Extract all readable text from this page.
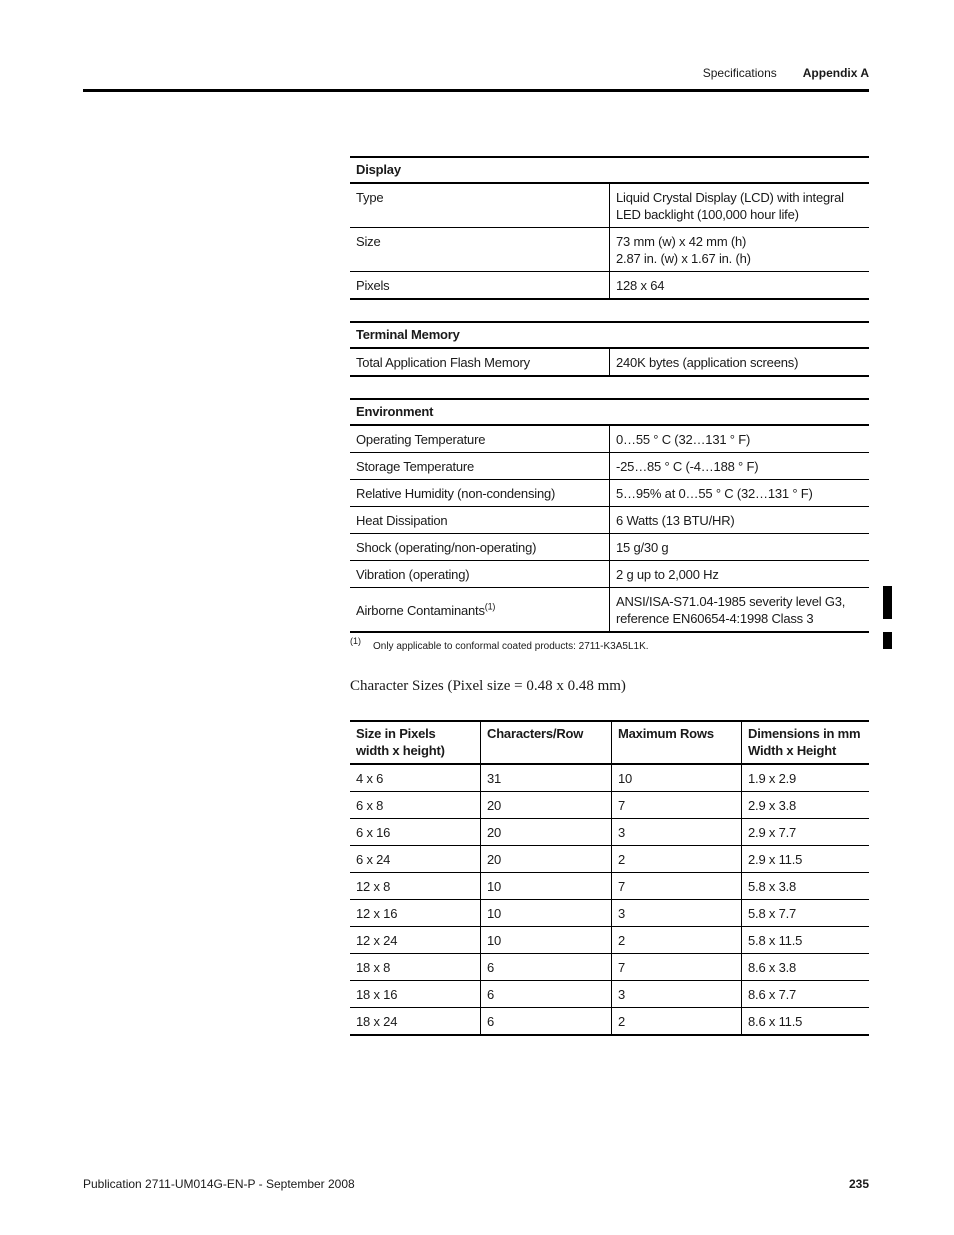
Specifications Appendix A
Display	
Type	Liquid Crystal Display (LCD) with integral
LED backlight (100,000 hour life)
Size	73 mm (w) x 42 mm (h)
2.87 in. (w) x 1.67 in. (h)
Pixels	128 x 64
Terminal Memory
Total Application Flash Memory	240K bytes (application screens)
Environment	
Operating Temperature	0…55 ° C (32…131 ° F)
Storage Temperature	-25…85 ° C (-4…188 ° F)
Relative Humidity (non-condensing)	5…95% at 0…55 ° C (32…131 ° F)
Heat Dissipation	6 Watts (13 BTU/HR)
Shock (operating/non-operating)	15 g/30 g
Vibration (operating)	2 g up to 2,000 Hz
Airborne Contaminants$^{(1)}$	ANSI/ISA-S71.04-1985 severity level G3,
reference EN60654-4:1998 Class 3
(1) Only applicable to conformal coated products: 2711-K3A5L1K.
Character Sizes (Pixel size = 0.48 x 0.48 mm)
Size in Pixels
width x height)	Characters/Row	Maximum Rows	Dimensions in mm
Width x Height
4 x 6	31	10	1.9 x 2.9
6 x 8	20	7	2.9 x 3.8
6 x 16	20	3	2.9 x 7.7
6 x 24	20	2	2.9 x 11.5
12 x 8	10	7	5.8 x 3.8
12 x 16	10	3	5.8 x 7.7
12 x 24	10	2	5.8 x 11.5
18 x 8	6	7	8.6 x 3.8
18 x 16	6	3	8.6 x 7.7
18 x 24	6	2	8.6 x 11.5
Publication 2711-UM014G-EN-P - September 2008	235
